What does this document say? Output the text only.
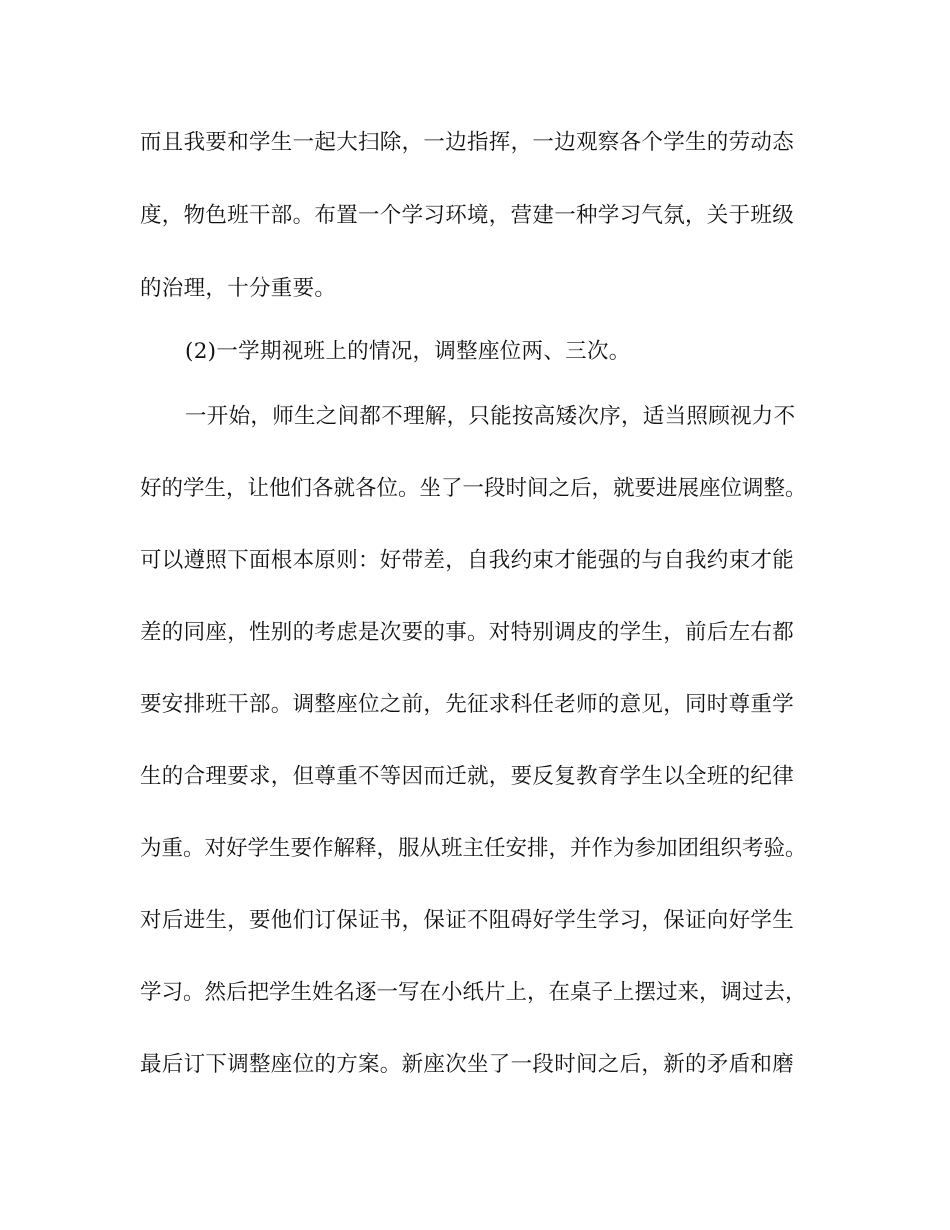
而且我要和学生一起大扫除，一边指挥，一边观察各个学生的劳动态
度，物色班干部。布置一个学习环境，营建一种学习气氛，关于班级
的治理，十分重要。
(2)一学期视班上的情况，调整座位两、三次。
一开始，师生之间都不理解，只能按高矮次序，适当照顾视力不
好的学生，让他们各就各位。坐了一段时间之后，就要进展座位调整。
可以遵照下面根本原则：好带差，自我约束才能强的与自我约束才能
差的同座，性别的考虑是次要的事。对特别调皮的学生，前后左右都
要安排班干部。调整座位之前，先征求科任老师的意见，同时尊重学
生的合理要求，但尊重不等因而迁就，要反复教育学生以全班的纪律
为重。对好学生要作解释，服从班主任安排，并作为参加团组织考验。
对后进生，要他们订保证书，保证不阻碍好学生学习，保证向好学生
学习。然后把学生姓名逐一写在小纸片上，在桌子上摆过来，调过去，
最后订下调整座位的方案。新座次坐了一段时间之后，新的矛盾和磨
